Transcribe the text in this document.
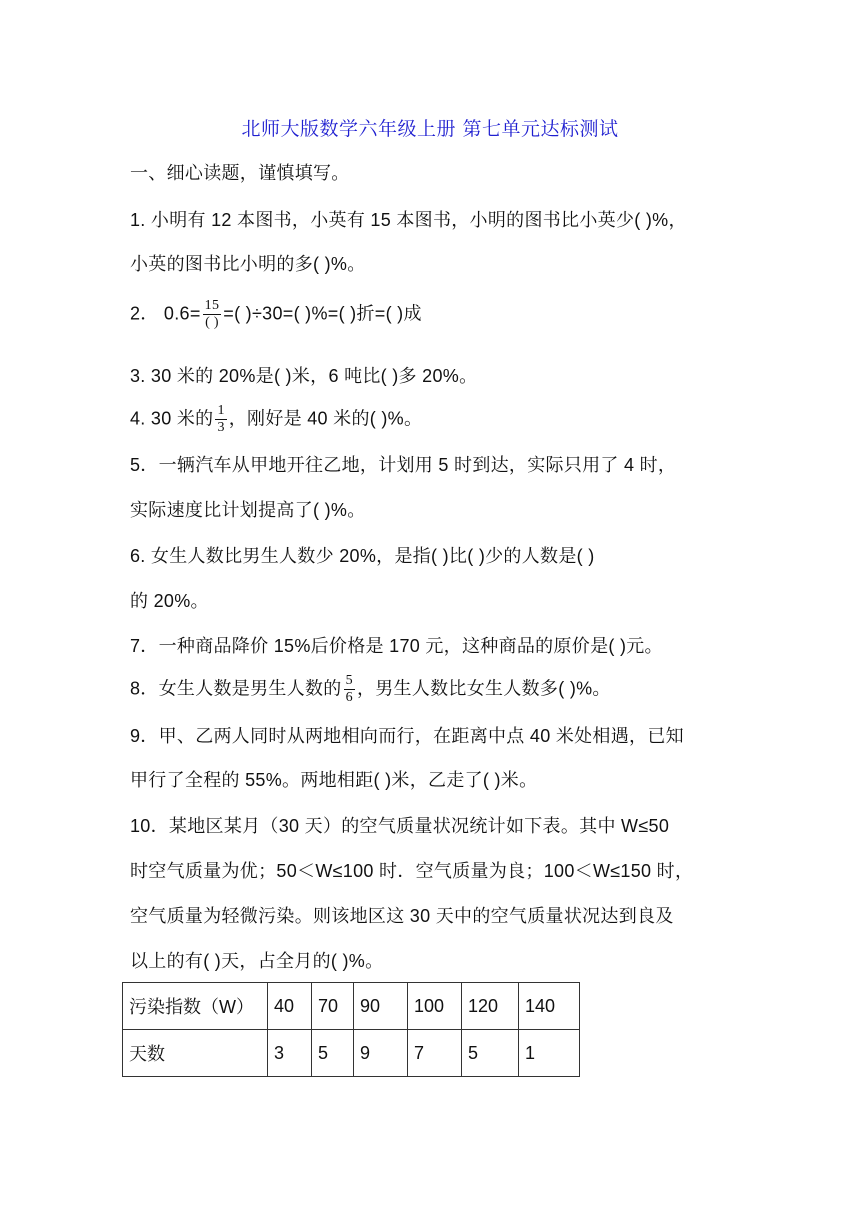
北师大版数学六年级上册 第七单元达标测试
一、细心读题，谨慎填写。
1. 小明有 12 本图书，小英有 15 本图书，小明的图书比小英少( )%，
小英的图书比小明的多( )%。
2． $0.6= \frac{15}{( )}$ =( )÷30=( )%=( )折=( )成
3. 30 米的 20%是( )米，6 吨比( )多 20%。
4. 30 米的 $\frac{1}{3}$ ，刚好是 40 米的( )%。
5．一辆汽车从甲地开往乙地，计划用 5 时到达，实际只用了 4 时，
实际速度比计划提高了( )%。
6. 女生人数比男生人数少 20%，是指( )比( )少的人数是( )
的 20%。
7．一种商品降价 15%后价格是 170 元，这种商品的原价是( )元。
8．女生人数是男生人数的 $\frac{5}{6}$ ，男生人数比女生人数多( )%。
9．甲、乙两人同时从两地相向而行，在距离中点 40 米处相遇，已知
甲行了全程的 55%。两地相距( )米，乙走了( )米。
10．某地区某月（30 天）的空气质量状况统计如下表。其中 W≤50
时空气质量为优；50＜W≤100 时．空气质量为良；100＜W≤150 时，
空气质量为轻微污染。则该地区这 30 天中的空气质量状况达到良及
以上的有( )天，占全月的( )%。
污染指数（W）	40	70	90	100	120	140
天数	3	5	9	7	5	1
